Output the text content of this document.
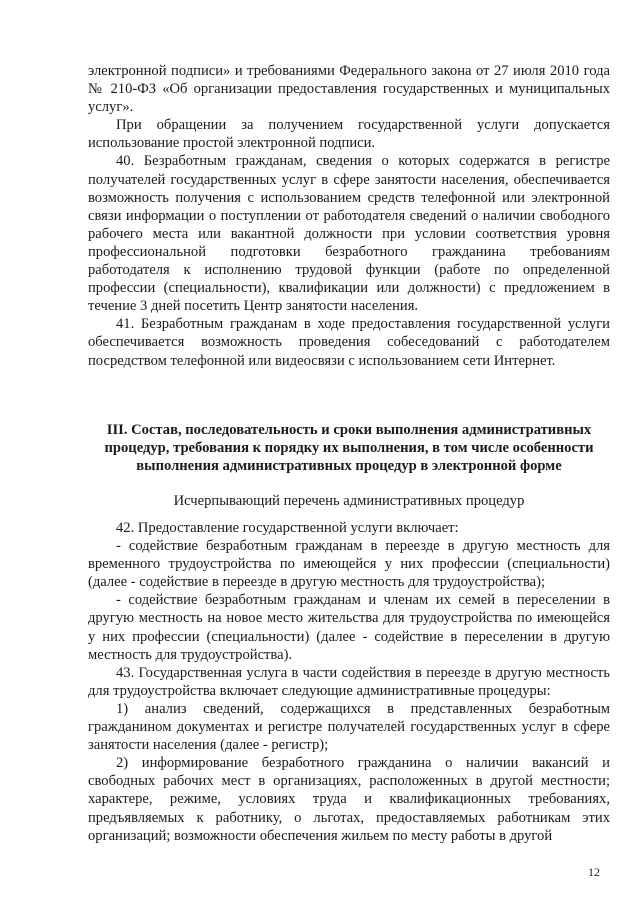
электронной подписи» и требованиями Федерального закона от 27 июля 2010 года № 210-ФЗ «Об организации предоставления государственных и муниципальных услуг».

При обращении за получением государственной услуги допускается использование простой электронной подписи.

40. Безработным гражданам, сведения о которых содержатся в регистре получателей государственных услуг в сфере занятости населения, обеспечивается возможность получения с использованием средств телефонной или электронной связи информации о поступлении от работодателя сведений о наличии свободного рабочего места или вакантной должности при условии соответствия уровня профессиональной подготовки безработного гражданина требованиям работодателя к исполнению трудовой функции (работе по определенной профессии (специальности), квалификации или должности) с предложением в течение 3 дней посетить Центр занятости населения.

41. Безработным гражданам в ходе предоставления государственной услуги обеспечивается возможность проведения собеседований с работодателем посредством телефонной или видеосвязи с использованием сети Интернет.

III. Состав, последовательность и сроки выполнения административных процедур, требования к порядку их выполнения, в том числе особенности выполнения административных процедур в электронной форме

Исчерпывающий перечень административных процедур

42. Предоставление государственной услуги включает:

- содействие безработным гражданам в переезде в другую местность для временного трудоустройства по имеющейся у них профессии (специальности) (далее - содействие в переезде в другую местность для трудоустройства);

- содействие безработным гражданам и членам их семей в переселении в другую местность на новое место жительства для трудоустройства по имеющейся у них профессии (специальности) (далее - содействие в переселении в другую местность для трудоустройства).

43. Государственная услуга в части содействия в переезде в другую местность для трудоустройства включает следующие административные процедуры:

1) анализ сведений, содержащихся в представленных безработным гражданином документах и регистре получателей государственных услуг в сфере занятости населения (далее - регистр);

2) информирование безработного гражданина о наличии вакансий и свободных рабочих мест в организациях, расположенных в другой местности; характере, режиме, условиях труда и квалификационных требованиях, предъявляемых к работнику, о льготах, предоставляемых работникам этих организаций; возможности обеспечения жильем по месту работы в другой

12
